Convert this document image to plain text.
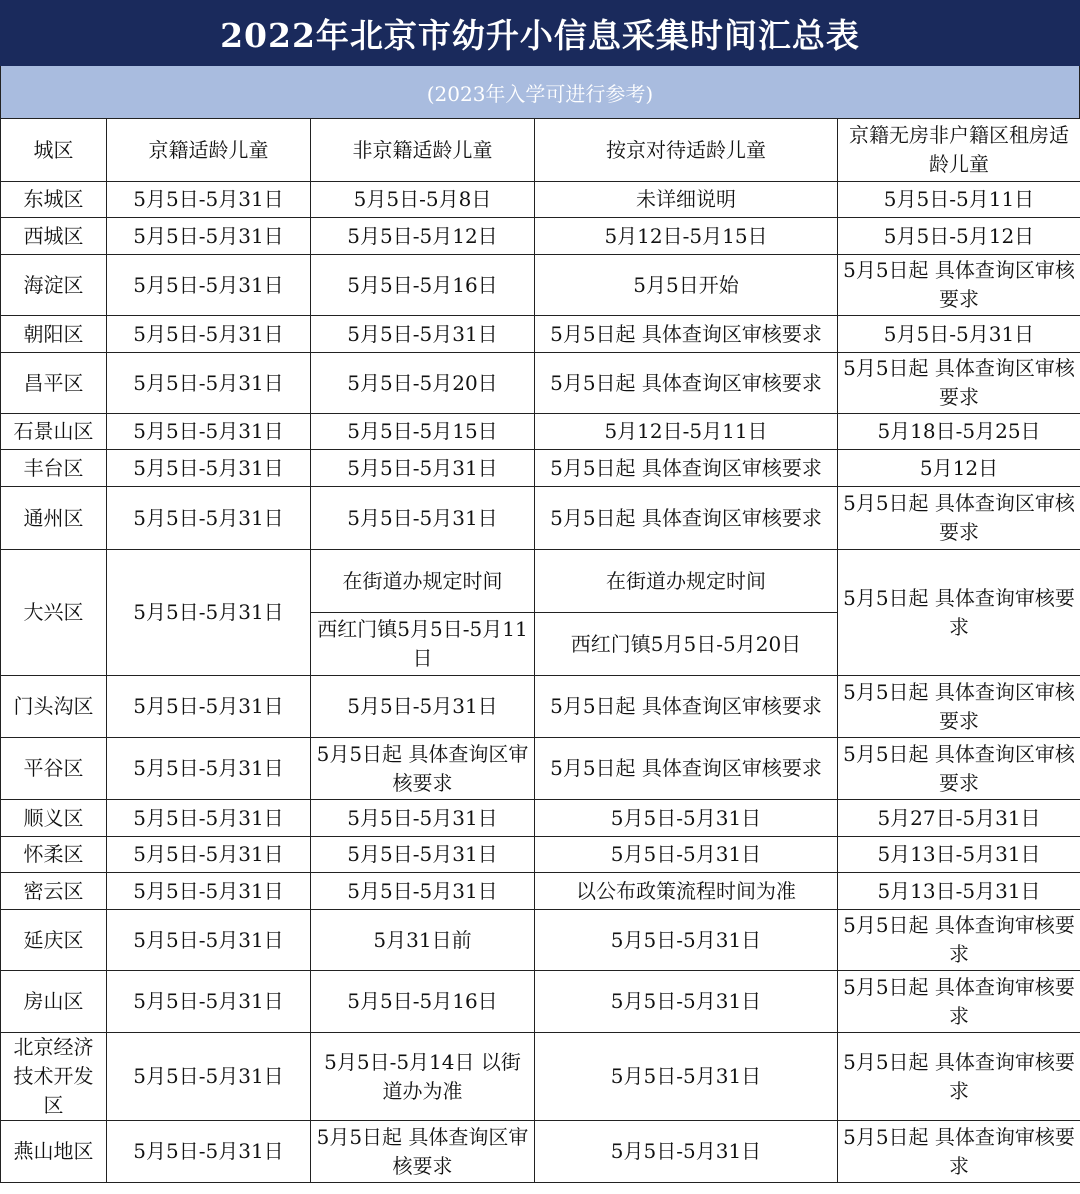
2022年北京市幼升小信息采集时间汇总表
(2023年入学可进行参考)
城区	京籍适龄儿童	非京籍适龄儿童	按京对待适龄儿童	京籍无房非户籍区租房适龄儿童
东城区	5月5日-5月31日	5月5日-5月8日	未详细说明	5月5日-5月11日
西城区	5月5日-5月31日	5月5日-5月12日	5月12日-5月15日	5月5日-5月12日
海淀区	5月5日-5月31日	5月5日-5月16日	5月5日开始	5月5日起 具体查询区审核要求
朝阳区	5月5日-5月31日	5月5日-5月31日	5月5日起 具体查询区审核要求	5月5日-5月31日
昌平区	5月5日-5月31日	5月5日-5月20日	5月5日起 具体查询区审核要求	5月5日起 具体查询区审核要求
石景山区	5月5日-5月31日	5月5日-5月15日	5月12日-5月11日	5月18日-5月25日
丰台区	5月5日-5月31日	5月5日-5月31日	5月5日起 具体查询区审核要求	5月12日
通州区	5月5日-5月31日	5月5日-5月31日	5月5日起 具体查询区审核要求	5月5日起 具体查询区审核要求
大兴区	5月5日-5月31日	在街道办规定时间	在街道办规定时间	5月5日起 具体查询审核要求
		西红门镇5月5日-5月11日	西红门镇5月5日-5月20日	
门头沟区	5月5日-5月31日	5月5日-5月31日	5月5日起 具体查询区审核要求	5月5日起 具体查询区审核要求
平谷区	5月5日-5月31日	5月5日起 具体查询区审核要求	5月5日起 具体查询区审核要求	5月5日起 具体查询区审核要求
顺义区	5月5日-5月31日	5月5日-5月31日	5月5日-5月31日	5月27日-5月31日
怀柔区	5月5日-5月31日	5月5日-5月31日	5月5日-5月31日	5月13日-5月31日
密云区	5月5日-5月31日	5月5日-5月31日	以公布政策流程时间为准	5月13日-5月31日
延庆区	5月5日-5月31日	5月31日前	5月5日-5月31日	5月5日起 具体查询审核要求
房山区	5月5日-5月31日	5月5日-5月16日	5月5日-5月31日	5月5日起 具体查询审核要求
北京经济技术开发区	5月5日-5月31日	5月5日-5月14日 以街道办为准	5月5日-5月31日	5月5日起 具体查询审核要求
燕山地区	5月5日-5月31日	5月5日起 具体查询区审核要求	5月5日-5月31日	5月5日起 具体查询审核要求
